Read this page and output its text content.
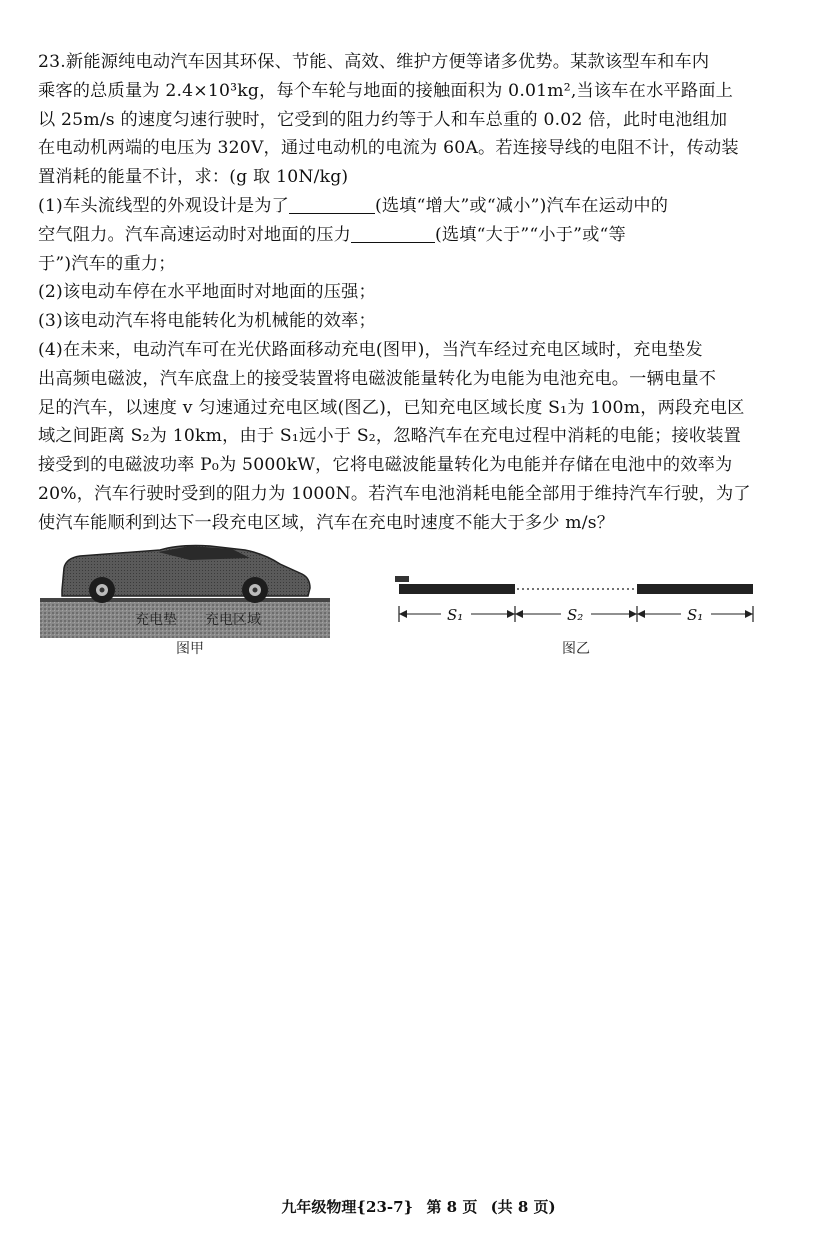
23.新能源纯电动汽车因其环保、节能、高效、维护方便等诸多优势。某款该型车和车内
乘客的总质量为 2.4×10³kg，每个车轮与地面的接触面积为 0.01m²,当该车在水平路面上
以 25m/s 的速度匀速行驶时，它受到的阻力约等于人和车总重的 0.02 倍，此时电池组加
在电动机两端的电压为 320V，通过电动机的电流为 60A。若连接导线的电阻不计，传动装
置消耗的能量不计，求：(g 取 10N/kg)
(1)车头流线型的外观设计是为了	(选填“增大”或“减小”)汽车在运动中的
空气阻力。汽车高速运动时对地面的压力	(选填“大于”“小于”或“等
于”)汽车的重力；
(2)该电动车停在水平地面时对地面的压强；
(3)该电动汽车将电能转化为机械能的效率；
(4)在未来，电动汽车可在光伏路面移动充电(图甲)，当汽车经过充电区域时，充电垫发
出高频电磁波，汽车底盘上的接受装置将电磁波能量转化为电能为电池充电。一辆电量不
足的汽车，以速度 v 匀速通过充电区域(图乙)，已知充电区域长度 S₁为 100m，两段充电区
域之间距离 S₂为 10km，由于 S₁远小于 S₂，忽略汽车在充电过程中消耗的电能；接收装置
接受到的电磁波功率 P₀为 5000kW，它将电磁波能量转化为电能并存储在电池中的效率为
20%，汽车行驶时受到的阻力为 1000N。若汽车电池消耗电能全部用于维持汽车行驶，为了
使汽车能顺利到达下一段充电区域，汽车在充电时速度不能大于多少 m/s？
充电垫 充电区域
图甲
S₁	S₂	S₁
图乙
九年级物理{23-7} 第 8 页 (共 8 页)
